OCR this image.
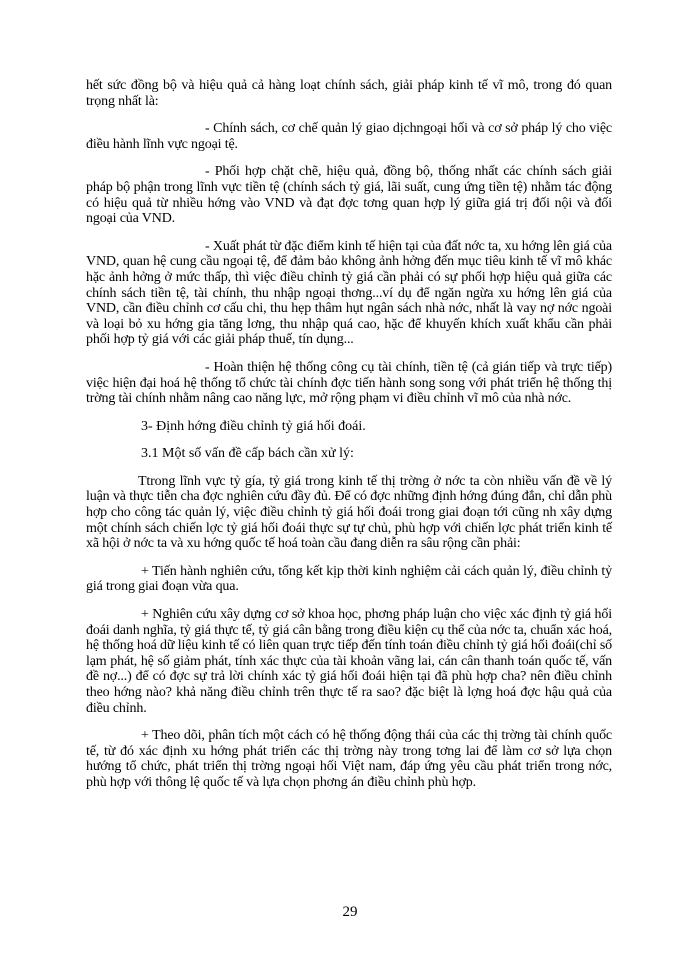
hết sức đồng bộ và hiệu quả cả hàng loạt chính sách, giải pháp kinh tế vĩ mô, trong đó quan trọng nhất là:

- Chính sách, cơ chế quản lý giao dịchngoại hối và cơ sở pháp lý cho việc điều hành lĩnh vực ngoại tệ.

- Phối hợp chặt chẽ, hiệu quả, đồng bộ, thống nhất các chính sách giải pháp bộ phận trong lĩnh vực tiền tệ (chính sách tỷ giá, lãi suất, cung ứng tiền tệ) nhằm tác động có hiệu quả từ nhiều hớng vào VND và đạt đợc tơng quan hợp lý giữa giá trị đối nội và đối ngoại của VND.

- Xuất phát từ đặc điểm kinh tế hiện tại của đất nớc ta, xu hớng lên giá của VND, quan hệ cung cầu ngoại tệ, để đảm bảo không ảnh hởng đến mục tiêu kinh tế vĩ mô khác hặc ảnh hởng ở mức thấp, thì việc điều chỉnh tỷ giá cần phải có sự phối hợp hiệu quả giữa các chính sách tiền tệ, tài chính, thu nhập ngoại thơng...ví dụ để ngăn ngừa xu hớng lên giá của VND, cần điều chỉnh cơ cấu chi, thu hẹp thâm hụt ngân sách nhà nớc, nhất là vay nợ nớc ngoài và loại bỏ xu hớng gia tăng lơng, thu nhập quá cao, hặc để khuyến khích xuất khẩu cần phải phối hợp tỷ giá với các giải pháp thuế, tín dụng...

- Hoàn thiện hệ thống công cụ tài chính, tiền tệ (cả gián tiếp và trực tiếp) việc hiện đại hoá hệ thống tổ chức tài chính đợc tiến hành song song với phát triển hệ thống thị trờng tài chính nhằm nâng cao năng lực, mở rộng phạm vi điều chỉnh vĩ mô của nhà nớc.

3- Định hớng điều chỉnh tỷ giá hối đoái.
3.1 Một số vấn đề cấp bách cần xử lý:

Ttrong lĩnh vực tỷ gía, tỷ giá trong kinh tế thị trờng ở nớc ta còn nhiều vấn đề về lý luận và thực tiễn cha đợc nghiên cứu đầy đủ. Để có đợc những định hớng đúng đắn, chỉ dẫn phù hợp cho công tác quản lý, việc điều chỉnh tỷ giá hối đoái trong giai đoạn tới cũng nh xây dựng một chính sách chiến lợc tỷ giá hối đoái thực sự tự chủ, phù hợp với chiến lợc phát triển kinh tế xã hội ở nớc ta và xu hớng quốc tế hoá toàn cầu đang diễn ra sâu rộng cần phải:

+ Tiến hành nghiên cứu, tổng kết kịp thời kinh nghiệm cải cách quản lý, điều chỉnh tỷ giá trong giai đoạn vừa qua.

+ Nghiên cứu xây dựng cơ sở khoa học, phơng pháp luận cho việc xác định tỷ giá hối đoái danh nghĩa, tỷ giá thực tế, tỷ giá cân bằng trong điều kiện cụ thể của nớc ta, chuẩn xác hoá, hệ thống hoá dữ liệu kinh tế có liên quan trực tiếp đến tính toán điều chỉnh tỷ giá hối đoái(chỉ số lạm phát, hệ số giảm phát, tính xác thực của tài khoản vãng lai, cán cân thanh toán quốc tế, vấn đề nợ...) để có đợc sự trả lời chính xác tỷ giá hối đoái hiện tại đã phù hợp cha? nên điều chỉnh theo hớng nào? khả năng điều chỉnh trên thực tế ra sao? đặc biệt là lợng hoá đợc hậu quả của điều chỉnh.

+ Theo dõi, phân tích một cách có hệ thống động thái của các thị trờng tài chính quốc tế, từ đó xác định xu hớng phát triển các thị trờng này trong tơng lai để làm cơ sở lựa chọn hướng tổ chức, phát triển thị trờng ngoại hối Việt nam, đáp ứng yêu cầu phát triển trong nớc, phù hợp với thông lệ quốc tế và lựa chọn phơng án điều chỉnh phù hợp.

29
